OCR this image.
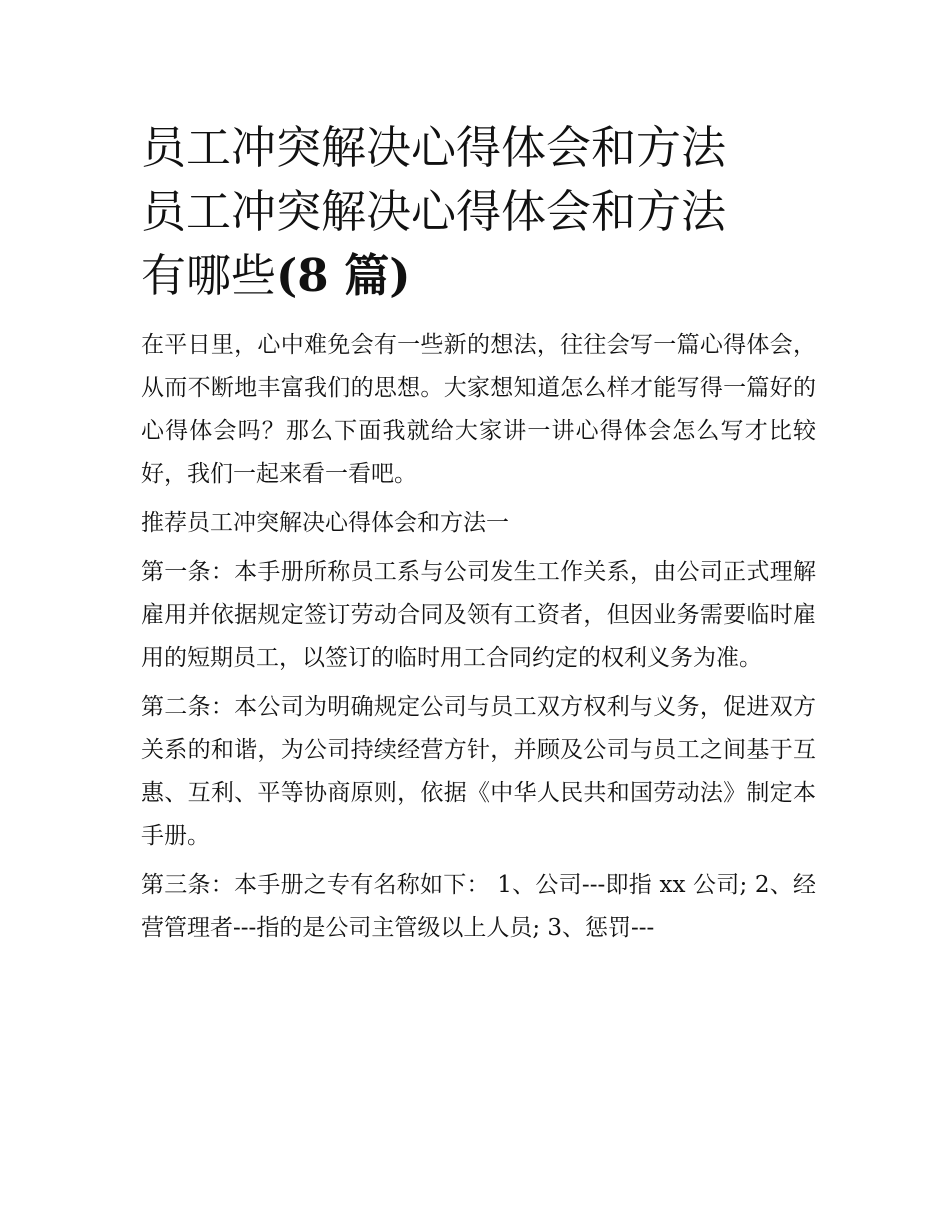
员工冲突解决心得体会和方法
员工冲突解决心得体会和方法
有哪些(8 篇)

在平日里，心中难免会有一些新的想法，往往会写一篇心得体会，从而不断地丰富我们的思想。大家想知道怎么样才能写得一篇好的心得体会吗？那么下面我就给大家讲一讲心得体会怎么写才比较好，我们一起来看一看吧。

推荐员工冲突解决心得体会和方法一

第一条：本手册所称员工系与公司发生工作关系，由公司正式理解雇用并依据规定签订劳动合同及领有工资者，但因业务需要临时雇用的短期员工，以签订的临时用工合同约定的权利义务为准。

第二条：本公司为明确规定公司与员工双方权利与义务，促进双方关系的和谐，为公司持续经营方针，并顾及公司与员工之间基于互惠、互利、平等协商原则，依据《中华人民共和国劳动法》制定本手册。

第三条：本手册之专有名称如下： 1、公司---即指 xx 公司; 2、经营管理者---指的是公司主管级以上人员; 3、惩罚---
